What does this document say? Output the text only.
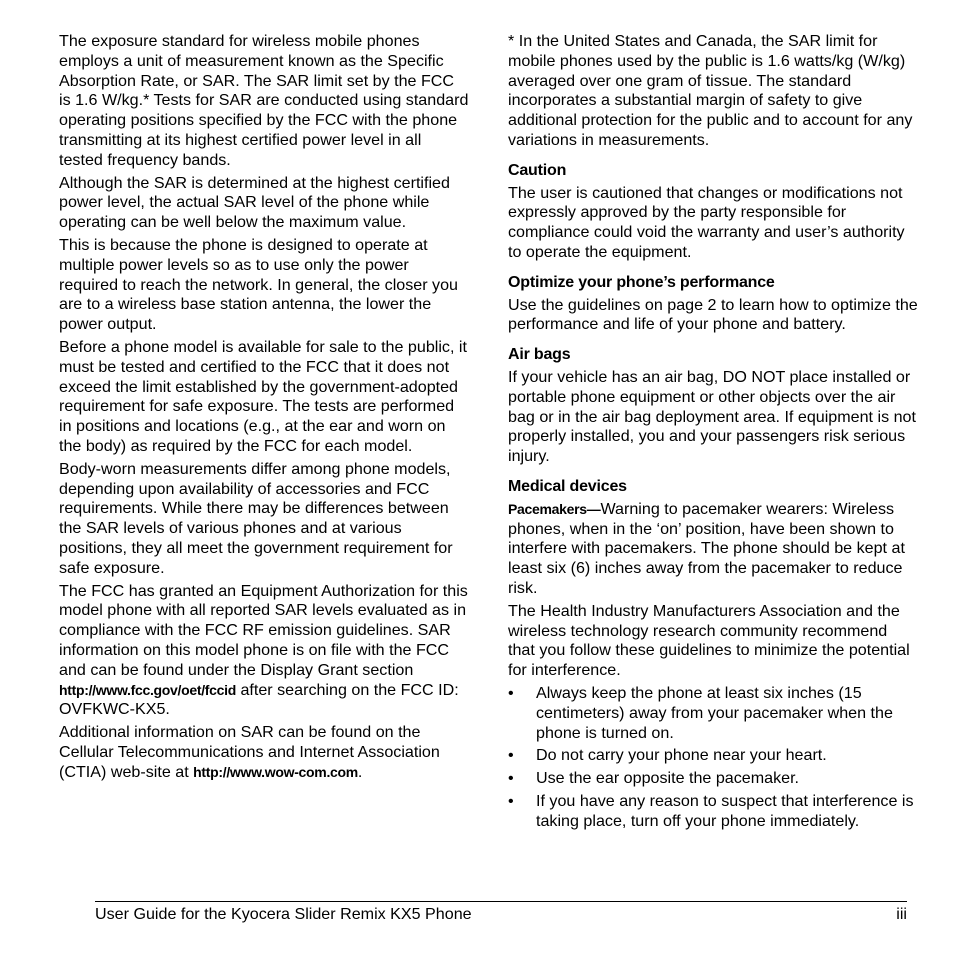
The exposure standard for wireless mobile phones employs a unit of measurement known as the Specific Absorption Rate, or SAR. The SAR limit set by the FCC is 1.6 W/kg.* Tests for SAR are conducted using standard operating positions specified by the FCC with the phone transmitting at its highest certified power level in all tested frequency bands.

Although the SAR is determined at the highest certified power level, the actual SAR level of the phone while operating can be well below the maximum value.

This is because the phone is designed to operate at multiple power levels so as to use only the power required to reach the network. In general, the closer you are to a wireless base station antenna, the lower the power output.

Before a phone model is available for sale to the public, it must be tested and certified to the FCC that it does not exceed the limit established by the government-adopted requirement for safe exposure. The tests are performed in positions and locations (e.g., at the ear and worn on the body) as required by the FCC for each model.

Body-worn measurements differ among phone models, depending upon availability of accessories and FCC requirements. While there may be differences between the SAR levels of various phones and at various positions, they all meet the government requirement for safe exposure.

The FCC has granted an Equipment Authorization for this model phone with all reported SAR levels evaluated as in compliance with the FCC RF emission guidelines. SAR information on this model phone is on file with the FCC and can be found under the Display Grant section

http://www.fcc.gov/oet/fccid after searching on the FCC ID: OVFKWC-KX5.

Additional information on SAR can be found on the Cellular Telecommunications and Internet Association (CTIA) web-site at http://www.wow-com.com.

* In the United States and Canada, the SAR limit for mobile phones used by the public is 1.6 watts/kg (W/kg) averaged over one gram of tissue. The standard incorporates a substantial margin of safety to give additional protection for the public and to account for any variations in measurements.

Caution

The user is cautioned that changes or modifications not expressly approved by the party responsible for compliance could void the warranty and user’s authority to operate the equipment.

Optimize your phone’s performance

Use the guidelines on page 2 to learn how to optimize the performance and life of your phone and battery.

Air bags

If your vehicle has an air bag, DO NOT place installed or portable phone equipment or other objects over the air bag or in the air bag deployment area. If equipment is not properly installed, you and your passengers risk serious injury.

Medical devices

Pacemakers—Warning to pacemaker wearers: Wireless phones, when in the ‘on’ position, have been shown to interfere with pacemakers. The phone should be kept at least six (6) inches away from the pacemaker to reduce risk.

The Health Industry Manufacturers Association and the wireless technology research community recommend that you follow these guidelines to minimize the potential for interference.

•	Always keep the phone at least six inches (15 centimeters) away from your pacemaker when the phone is turned on.
•	Do not carry your phone near your heart.
•	Use the ear opposite the pacemaker.
•	If you have any reason to suspect that interference is taking place, turn off your phone immediately.
User Guide for the Kyocera Slider Remix KX5 Phone	iii
